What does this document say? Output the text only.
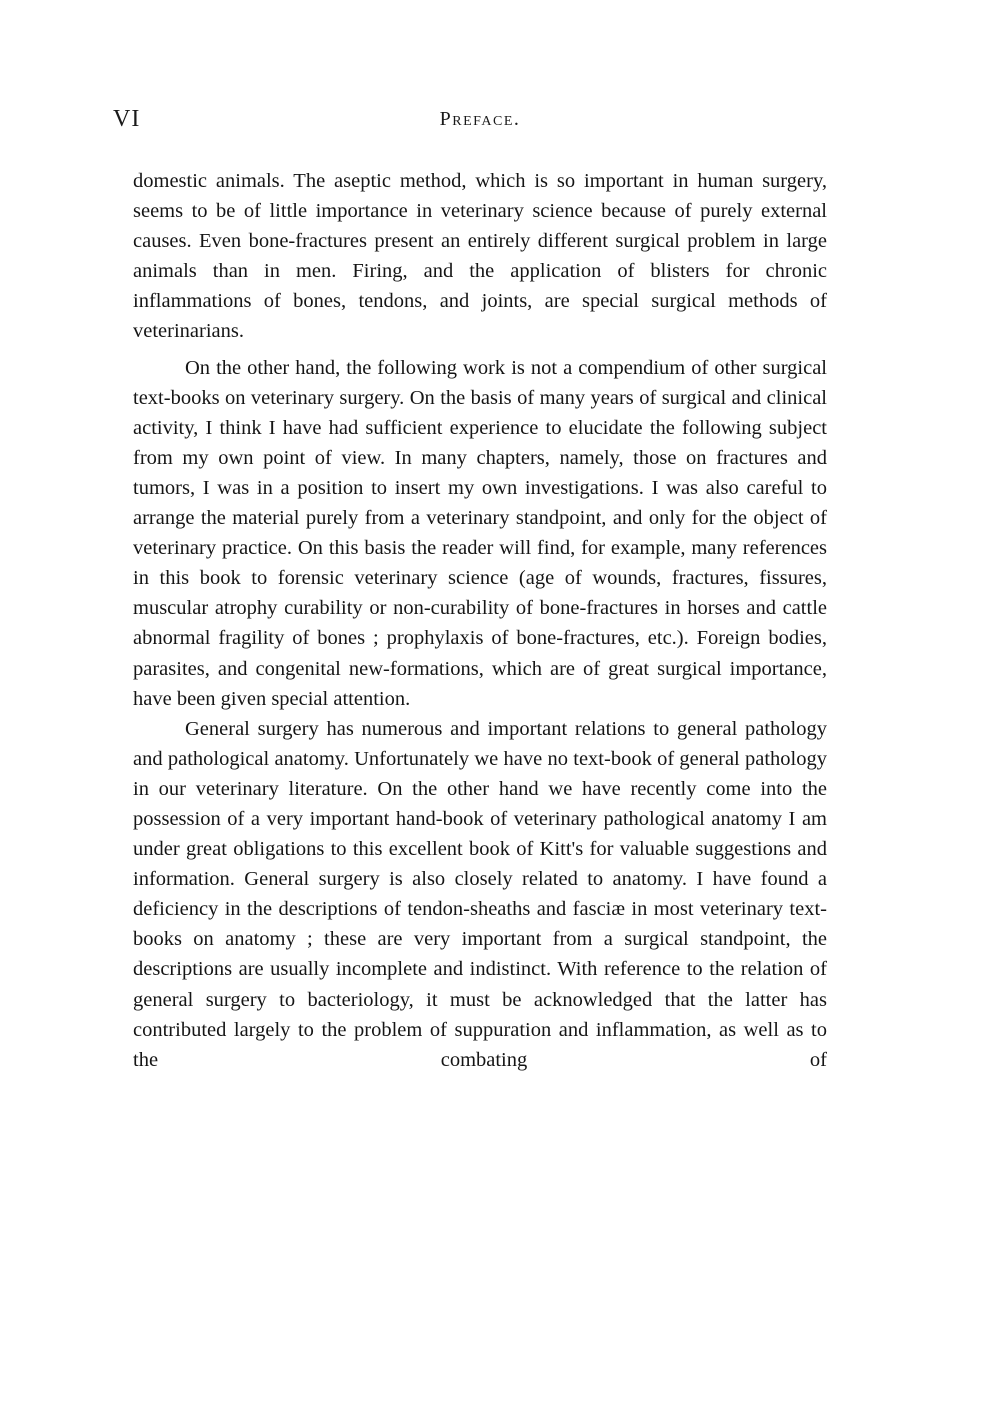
VI	Preface.

domestic animals. The aseptic method, which is so important in human surgery, seems to be of little importance in veterinary science because of purely external causes. Even bone-fractures present an entirely different surgical problem in large animals than in men. Firing, and the application of blisters for chronic inflammations of bones, tendons, and joints, are special surgical methods of veterinarians.

On the other hand, the following work is not a compendium of other surgical text-books on veterinary surgery. On the basis of many years of surgical and clinical activity, I think I have had sufficient experience to elucidate the following subject from my own point of view. In many chapters, namely, those on fractures and tumors, I was in a position to insert my own investigations. I was also careful to arrange the material purely from a veterinary standpoint, and only for the object of veterinary practice. On this basis the reader will find, for example, many references in this book to forensic veterinary science (age of wounds, fractures, fissures, muscular atrophy curability or non-curability of bone-fractures in horses and cattle abnormal fragility of bones ; prophylaxis of bone-fractures, etc.). Foreign bodies, parasites, and congenital new-formations, which are of great surgical importance, have been given special attention.

General surgery has numerous and important relations to general pathology and pathological anatomy. Unfortunately we have no text-book of general pathology in our veterinary literature. On the other hand we have recently come into the possession of a very important hand-book of veterinary pathological anatomy I am under great obligations to this excellent book of Kitt's for valuable suggestions and information. General surgery is also closely related to anatomy. I have found a deficiency in the descriptions of tendon-sheaths and fasciæ in most veterinary text-books on anatomy ; these are very important from a surgical standpoint, the descriptions are usually incomplete and indistinct. With reference to the relation of general surgery to bacteriology, it must be acknowledged that the latter has contributed largely to the problem of suppuration and inflammation, as well as to the combating of
